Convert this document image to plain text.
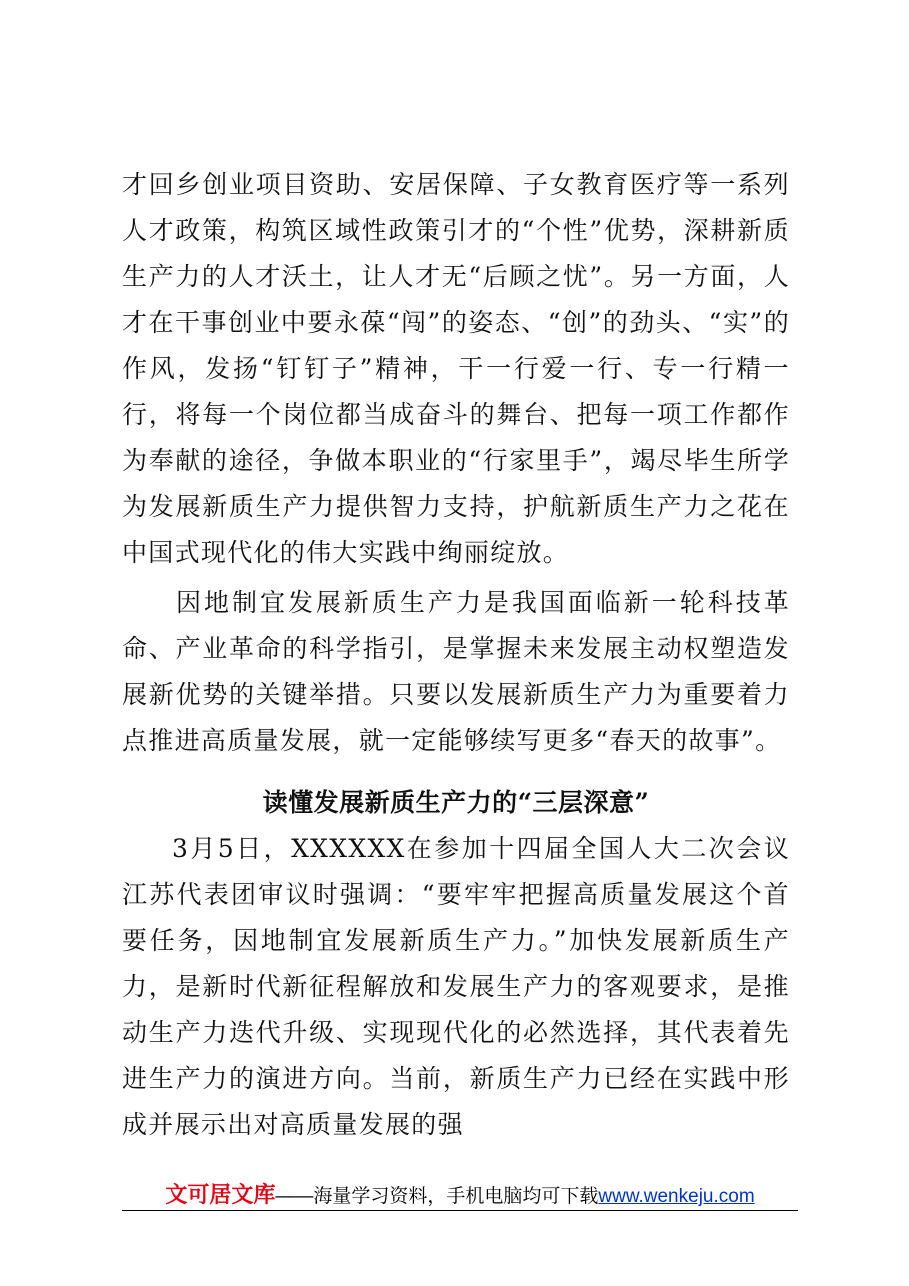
才回乡创业项目资助、安居保障、子女教育医疗等一系列人才政策，构筑区域性政策引才的“个性”优势，深耕新质生产力的人才沃土，让人才无“后顾之忧”。另一方面，人才在干事创业中要永葆“闯”的姿态、“创”的劲头、“实”的作风，发扬“钉钉子”精神，干一行爱一行、专一行精一行，将每一个岗位都当成奋斗的舞台、把每一项工作都作为奉献的途径，争做本职业的“行家里手”，竭尽毕生所学为发展新质生产力提供智力支持，护航新质生产力之花在中国式现代化的伟大实践中绚丽绽放。
因地制宜发展新质生产力是我国面临新一轮科技革命、产业革命的科学指引，是掌握未来发展主动权塑造发展新优势的关键举措。只要以发展新质生产力为重要着力点推进高质量发展，就一定能够续写更多“春天的故事”。
读懂发展新质生产力的“三层深意”
3月5日，XXXXXX在参加十四届全国人大二次会议江苏代表团审议时强调：“要牢牢把握高质量发展这个首要任务，因地制宜发展新质生产力。”加快发展新质生产力，是新时代新征程解放和发展生产力的客观要求，是推动生产力迭代升级、实现现代化的必然选择，其代表着先进生产力的演进方向。当前，新质生产力已经在实践中形成并展示出对高质量发展的强
文可居文库——海量学习资料，手机电脑均可下载www.wenkeju.com
